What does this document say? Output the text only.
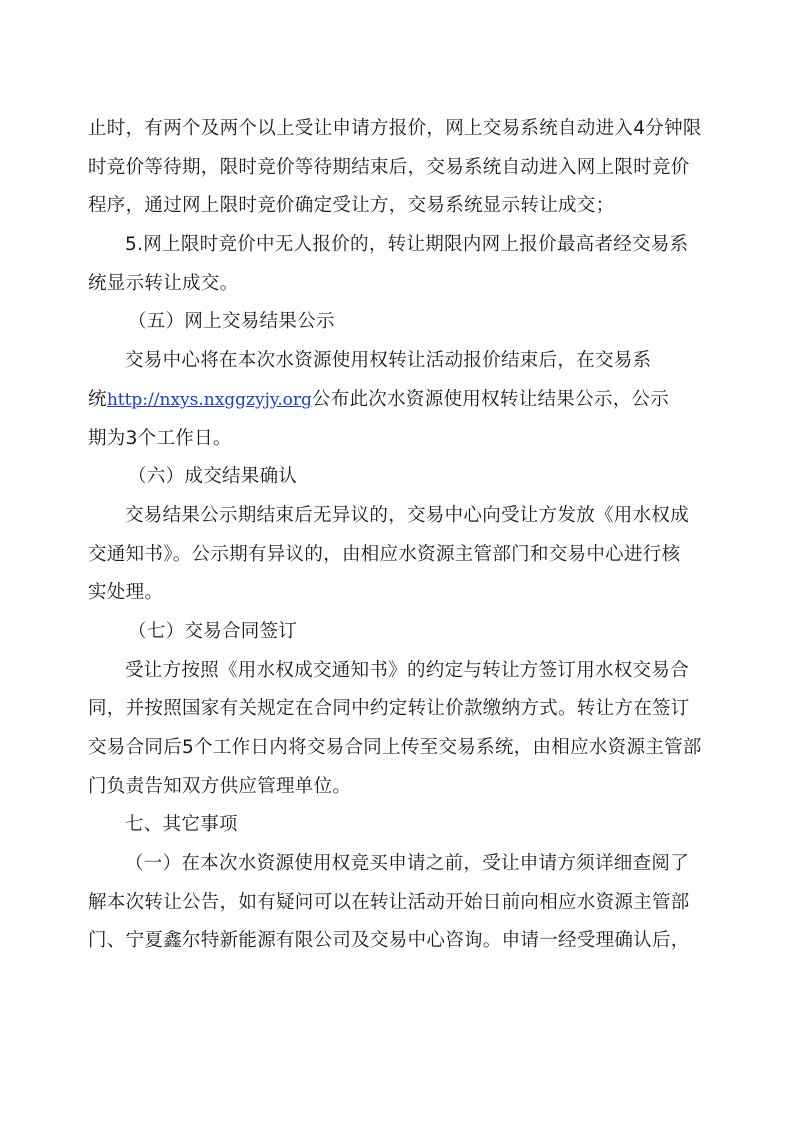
止时，有两个及两个以上受让申请方报价，网上交易系统自动进入4分钟限
时竞价等待期，限时竞价等待期结束后，交易系统自动进入网上限时竞价
程序，通过网上限时竞价确定受让方，交易系统显示转让成交；
5.网上限时竞价中无人报价的，转让期限内网上报价最高者经交易系
统显示转让成交。
（五）网上交易结果公示
交易中心将在本次水资源使用权转让活动报价结束后，在交易系
统http://nxys.nxggzyjy.org公布此次水资源使用权转让结果公示，公示
期为3个工作日。
（六）成交结果确认
交易结果公示期结束后无异议的，交易中心向受让方发放《用水权成
交通知书》。公示期有异议的，由相应水资源主管部门和交易中心进行核
实处理。
（七）交易合同签订
受让方按照《用水权成交通知书》的约定与转让方签订用水权交易合
同，并按照国家有关规定在合同中约定转让价款缴纳方式。转让方在签订
交易合同后5个工作日内将交易合同上传至交易系统，由相应水资源主管部
门负责告知双方供应管理单位。
七、其它事项
（一）在本次水资源使用权竞买申请之前，受让申请方须详细查阅了
解本次转让公告，如有疑问可以在转让活动开始日前向相应水资源主管部
门、宁夏鑫尔特新能源有限公司及交易中心咨询。申请一经受理确认后，
